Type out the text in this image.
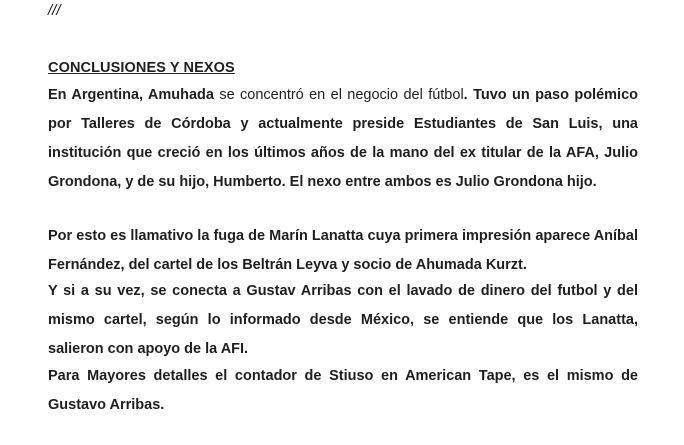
///
CONCLUSIONES Y NEXOS
En Argentina, Amuhada se concentró en el negocio del fútbol. Tuvo un paso polémico por Talleres de Córdoba y actualmente preside Estudiantes de San Luis, una institución que creció en los últimos años de la mano del ex titular de la AFA, Julio Grondona, y de su hijo, Humberto. El nexo entre ambos es Julio Grondona hijo.
Por esto es llamativo la fuga de Marín Lanatta cuya primera impresión aparece Aníbal Fernández, del cartel de los Beltrán Leyva y socio de Ahumada Kurzt.
Y si a su vez, se conecta a Gustav Arribas con el lavado de dinero del futbol y del mismo cartel, según lo informado desde México, se entiende que los Lanatta, salieron con apoyo de la AFI.
Para Mayores detalles el contador de Stiuso en American Tape, es el mismo de Gustavo Arribas.
